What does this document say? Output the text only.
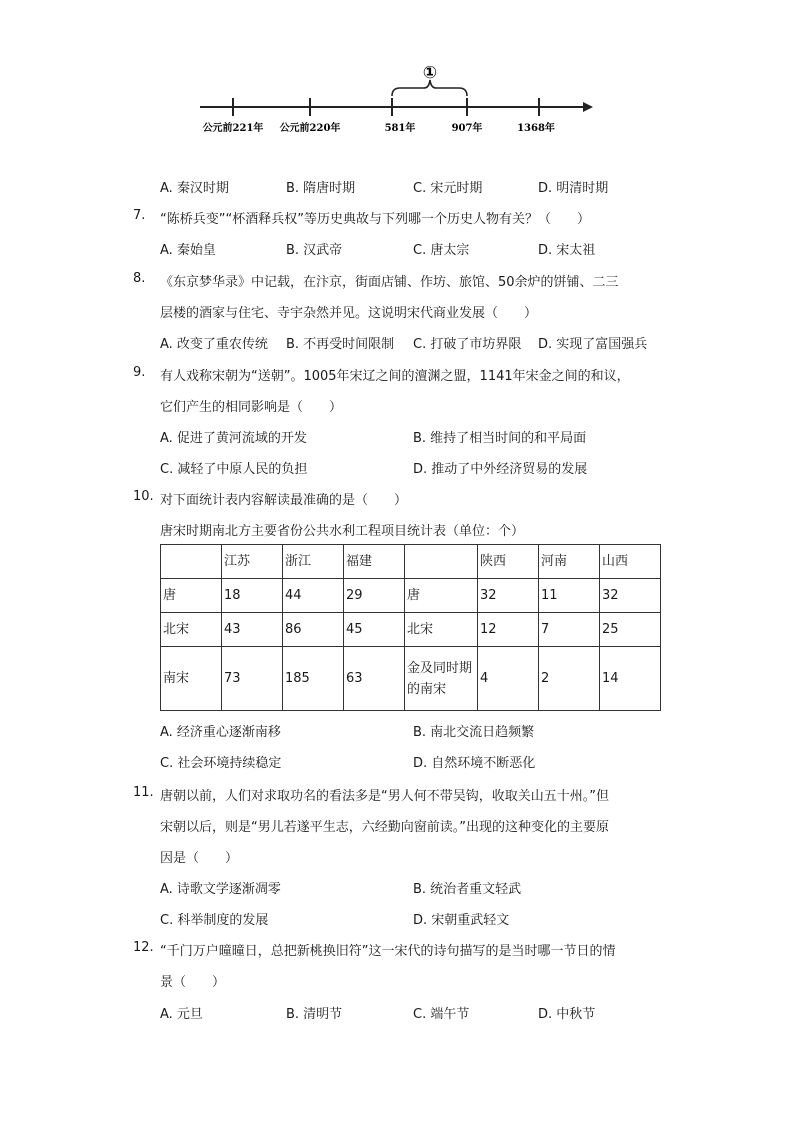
①
公元前221年 公元前220年	581年	907年	1368年
A. 秦汉时期	B. 隋唐时期	C. 宋元时期	D. 明清时期
7. “陈桥兵变”“杯酒释兵权”等历史典故与下列哪一个历史人物有关？（　　）
A. 秦始皇	B. 汉武帝	C. 唐太宗	D. 宋太祖
8. 《东京梦华录》中记载，在汴京，街面店铺、作坊、旅馆、50余炉的饼铺、二三
层楼的酒家与住宅、寺宇杂然并见。这说明宋代商业发展（　　）
A. 改变了重农传统 B. 不再受时间限制 C. 打破了市坊界限 D. 实现了富国强兵
9. 有人戏称宋朝为“送朝”。1005年宋辽之间的澶渊之盟，1141年宋金之间的和议，
它们产生的相同影响是（　　）
A. 促进了黄河流域的开发	B. 维持了相当时间的和平局面
C. 减轻了中原人民的负担	D. 推动了中外经济贸易的发展
10. 对下面统计表内容解读最准确的是（　　）
唐宋时期南北方主要省份公共水利工程项目统计表（单位：个）
	江苏	浙江	福建		陕西	河南	山西
唐	18	44	29	唐	32	11	32
北宋	43	86	45	北宋	12	7	25
南宋	73	185	63	金及同时期的南宋	4	2	14
A. 经济重心逐渐南移	B. 南北交流日趋频繁
C. 社会环境持续稳定	D. 自然环境不断恶化
11. 唐朝以前，人们对求取功名的看法多是“男人何不带吴钩，收取关山五十州。”但
宋朝以后，则是“男儿若遂平生志，六经勤向窗前读。”出现的这种变化的主要原
因是（　　）
A. 诗歌文学逐渐凋零	B. 统治者重文轻武
C. 科举制度的发展	D. 宋朝重武轻文
12. “千门万户曈曈日，总把新桃换旧符”这一宋代的诗句描写的是当时哪一节日的情
景（　　）
A. 元旦	B. 清明节	C. 端午节	D. 中秋节
